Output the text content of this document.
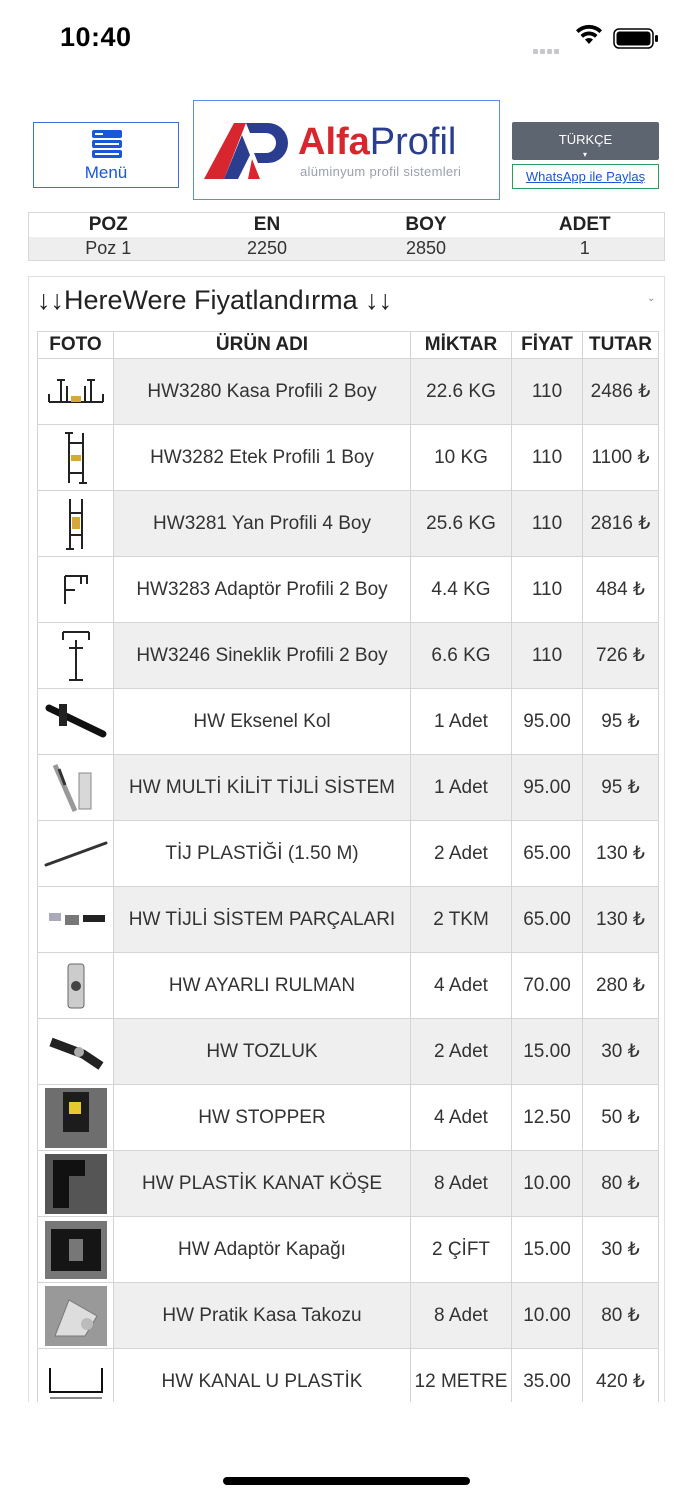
10:40
Menü
AlfaProfil
alüminyum profil sistemleri
TÜRKÇE
▾
WhatsApp ile Paylaş
POZ	EN	BOY	ADET
Poz 1	2250	2850	1
↓↓HereWere Fiyatlandırma ↓↓	⌄
FOTO	ÜRÜN ADI	MİKTAR	FİYAT	TUTAR

	HW3280 Kasa Profili 2 Boy	22.6 KG	110	2486 ₺

	HW3282 Etek Profili 1 Boy	10 KG	110	1100 ₺

	HW3281 Yan Profili 4 Boy	25.6 KG	110	2816 ₺

	HW3283 Adaptör Profili 2 Boy	4.4 KG	110	484 ₺

	HW3246 Sineklik Profili 2 Boy	6.6 KG	110	726 ₺

	HW Eksenel Kol	1 Adet	95.00	95 ₺

	HW MULTİ KİLİT TİJLİ SİSTEM	1 Adet	95.00	95 ₺

	TİJ PLASTİĞİ (1.50 M)	2 Adet	65.00	130 ₺

	HW TİJLİ SİSTEM PARÇALARI	2 TKM	65.00	130 ₺

	HW AYARLI RULMAN	4 Adet	70.00	280 ₺

	HW TOZLUK	2 Adet	15.00	30 ₺

	HW STOPPER	4 Adet	12.50	50 ₺

	HW PLASTİK KANAT KÖŞE	8 Adet	10.00	80 ₺

	HW Adaptör Kapağı	2 ÇİFT	15.00	30 ₺

	HW Pratik Kasa Takozu	8 Adet	10.00	80 ₺

	HW KANAL U PLASTİK	12 METRE	35.00	420 ₺
